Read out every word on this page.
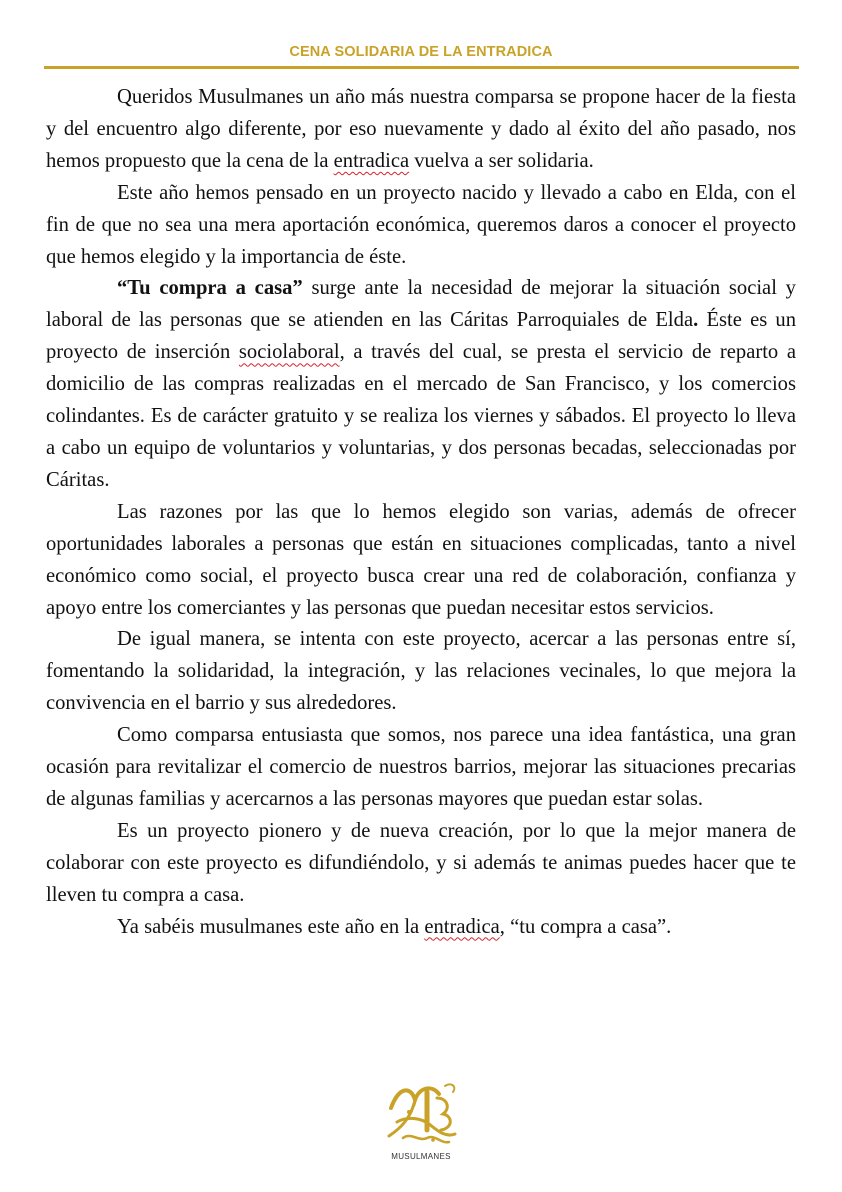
CENA SOLIDARIA DE LA ENTRADICA

Queridos Musulmanes un año más nuestra comparsa se propone hacer de la fiesta y del encuentro algo diferente, por eso nuevamente y dado al éxito del año pasado, nos hemos propuesto que la cena de la entradica vuelva a ser solidaria.

Este año hemos pensado en un proyecto nacido y llevado a cabo en Elda, con el fin de que no sea una mera aportación económica, queremos daros a conocer el proyecto que hemos elegido y la importancia de éste.

“Tu compra a casa” surge ante la necesidad de mejorar la situación social y laboral de las personas que se atienden en las Cáritas Parroquiales de Elda. Éste es un proyecto de inserción sociolaboral, a través del cual, se presta el servicio de reparto a domicilio de las compras realizadas en el mercado de San Francisco, y los comercios colindantes. Es de carácter gratuito y se realiza los viernes y sábados. El proyecto lo lleva a cabo un equipo de voluntarios y voluntarias, y dos personas becadas, seleccionadas por Cáritas.

Las razones por las que lo hemos elegido son varias, además de ofrecer oportunidades laborales a personas que están en situaciones complicadas, tanto a nivel económico como social, el proyecto busca crear una red de colaboración, confianza y apoyo entre los comerciantes y las personas que puedan necesitar estos servicios.

De igual manera, se intenta con este proyecto, acercar a las personas entre sí, fomentando la solidaridad, la integración, y las relaciones vecinales, lo que mejora la convivencia en el barrio y sus alrededores.

Como comparsa entusiasta que somos, nos parece una idea fantástica, una gran ocasión para revitalizar el comercio de nuestros barrios, mejorar las situaciones precarias de algunas familias y acercarnos a las personas mayores que puedan estar solas.

Es un proyecto pionero y de nueva creación, por lo que la mejor manera de colaborar con este proyecto es difundiéndolo, y si además te animas puedes hacer que te lleven tu compra a casa.

Ya sabéis musulmanes este año en la entradica, “tu compra a casa”.

MUSULMANES
